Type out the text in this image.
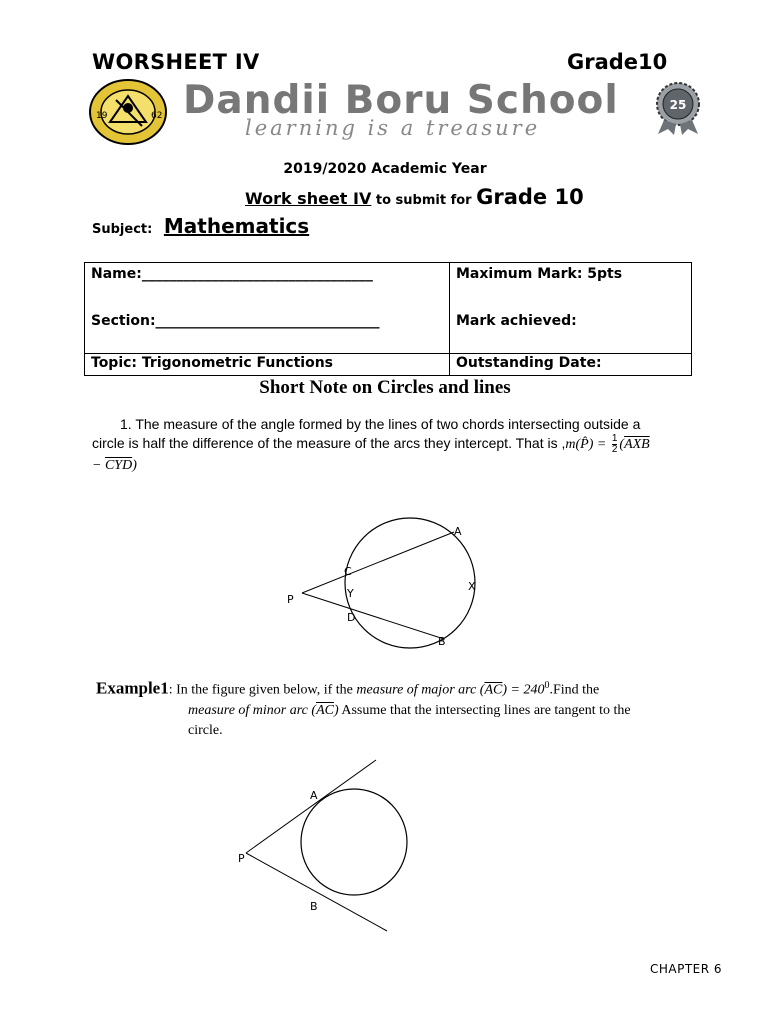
WORSHEET IV	Grade10
19	62 Dandii Boru School
learning is a treasure
25
2019/2020 Academic Year
Work sheet IV to submit for Grade 10
Subject: Mathematics
Name:_________________________________	Maximum Mark: 5pts
Section:________________________________	Mark achieved:
Topic: Trigonometric Functions	Outstanding Date:
Short Note on Circles and lines
1. The measure of the angle formed by the lines of two chords intersecting outside a circle is half the difference of the measure of the arcs they intercept. That is ,m(P̂) = $\frac{1}{2} (\overline{AXB} - \overline{CYD})$
A
C
X
P	Y
D
B
Example1: In the figure given below, if the measure of major arc $(\overline{AC})$ = $240^0.Find$ the
measure of minor arc $(\overline{AC})$ Assume that the intersecting lines are tangent to the
circle.
A
P
B
CHAPTER 6
